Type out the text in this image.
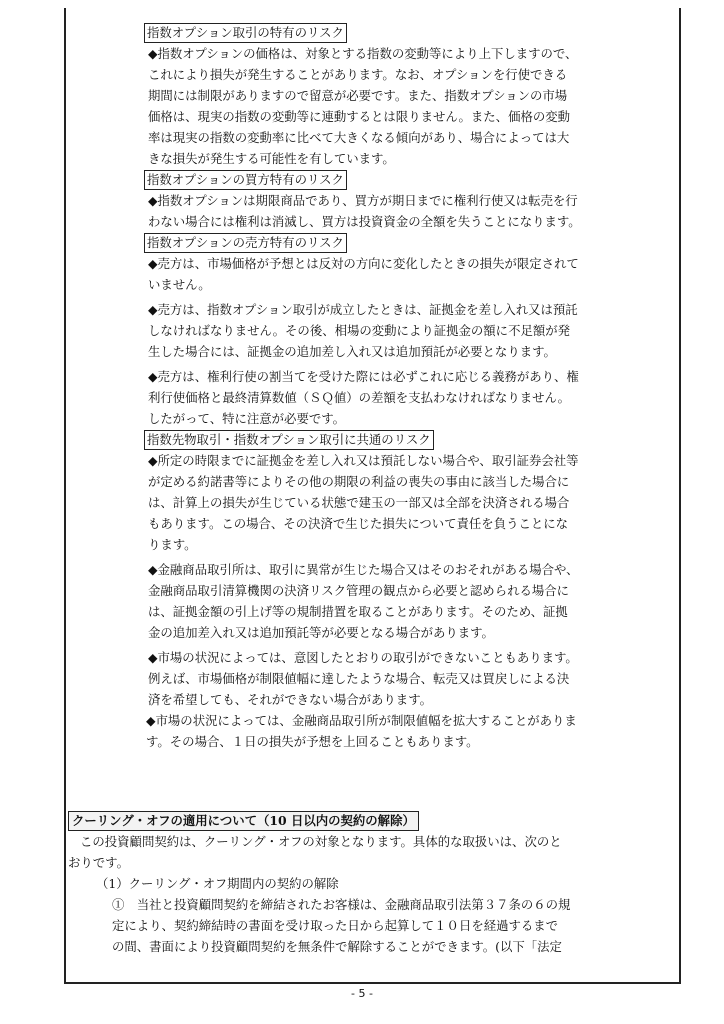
指数オプション取引の特有のリスク
◆指数オプションの価格は、対象とする指数の変動等により上下しますので、
これにより損失が発生することがあります。なお、オプションを行使できる
期間には制限がありますので留意が必要です。また、指数オプションの市場
価格は、現実の指数の変動等に連動するとは限りません。また、価格の変動
率は現実の指数の変動率に比べて大きくなる傾向があり、場合によっては大
きな損失が発生する可能性を有しています。
指数オプションの買方特有のリスク
◆指数オプションは期限商品であり、買方が期日までに権利行使又は転売を行
わない場合には権利は消滅し、買方は投資資金の全額を失うことになります。
指数オプションの売方特有のリスク
◆売方は、市場価格が予想とは反対の方向に変化したときの損失が限定されて
いません。
◆売方は、指数オプション取引が成立したときは、証拠金を差し入れ又は預託
しなければなりません。その後、相場の変動により証拠金の額に不足額が発
生した場合には、証拠金の追加差し入れ又は追加預託が必要となります。
◆売方は、権利行使の割当てを受けた際には必ずこれに応じる義務があり、権
利行使価格と最終清算数値（ＳＱ値）の差額を支払わなければなりません。
したがって、特に注意が必要です。
指数先物取引・指数オプション取引に共通のリスク
◆所定の時限までに証拠金を差し入れ又は預託しない場合や、取引証券会社等
が定める約諾書等によりその他の期限の利益の喪失の事由に該当した場合に
は、計算上の損失が生じている状態で建玉の一部又は全部を決済される場合
もあります。この場合、その決済で生じた損失について責任を負うことにな
ります。
◆金融商品取引所は、取引に異常が生じた場合又はそのおそれがある場合や、
金融商品取引清算機関の決済リスク管理の観点から必要と認められる場合に
は、証拠金額の引上げ等の規制措置を取ることがあります。そのため、証拠
金の追加差入れ又は追加預託等が必要となる場合があります。
◆市場の状況によっては、意図したとおりの取引ができないこともあります。
例えば、市場価格が制限値幅に達したような場合、転売又は買戻しによる決
済を希望しても、それができない場合があります。
◆市場の状況によっては、金融商品取引所が制限値幅を拡大することがありま
す。その場合、１日の損失が予想を上回ることもあります。
クーリング・オフの適用について（10 日以内の契約の解除）
この投資顧問契約は、クーリング・オフの対象となります。具体的な取扱いは、次のと
おりです。
（1）クーリング・オフ期間内の契約の解除
①　当社と投資顧問契約を締結されたお客様は、金融商品取引法第３７条の６の規
定により、契約締結時の書面を受け取った日から起算して１０日を経過するまで
の間、書面により投資顧問契約を無条件で解除することができます。(以下「法定
- 5 -
